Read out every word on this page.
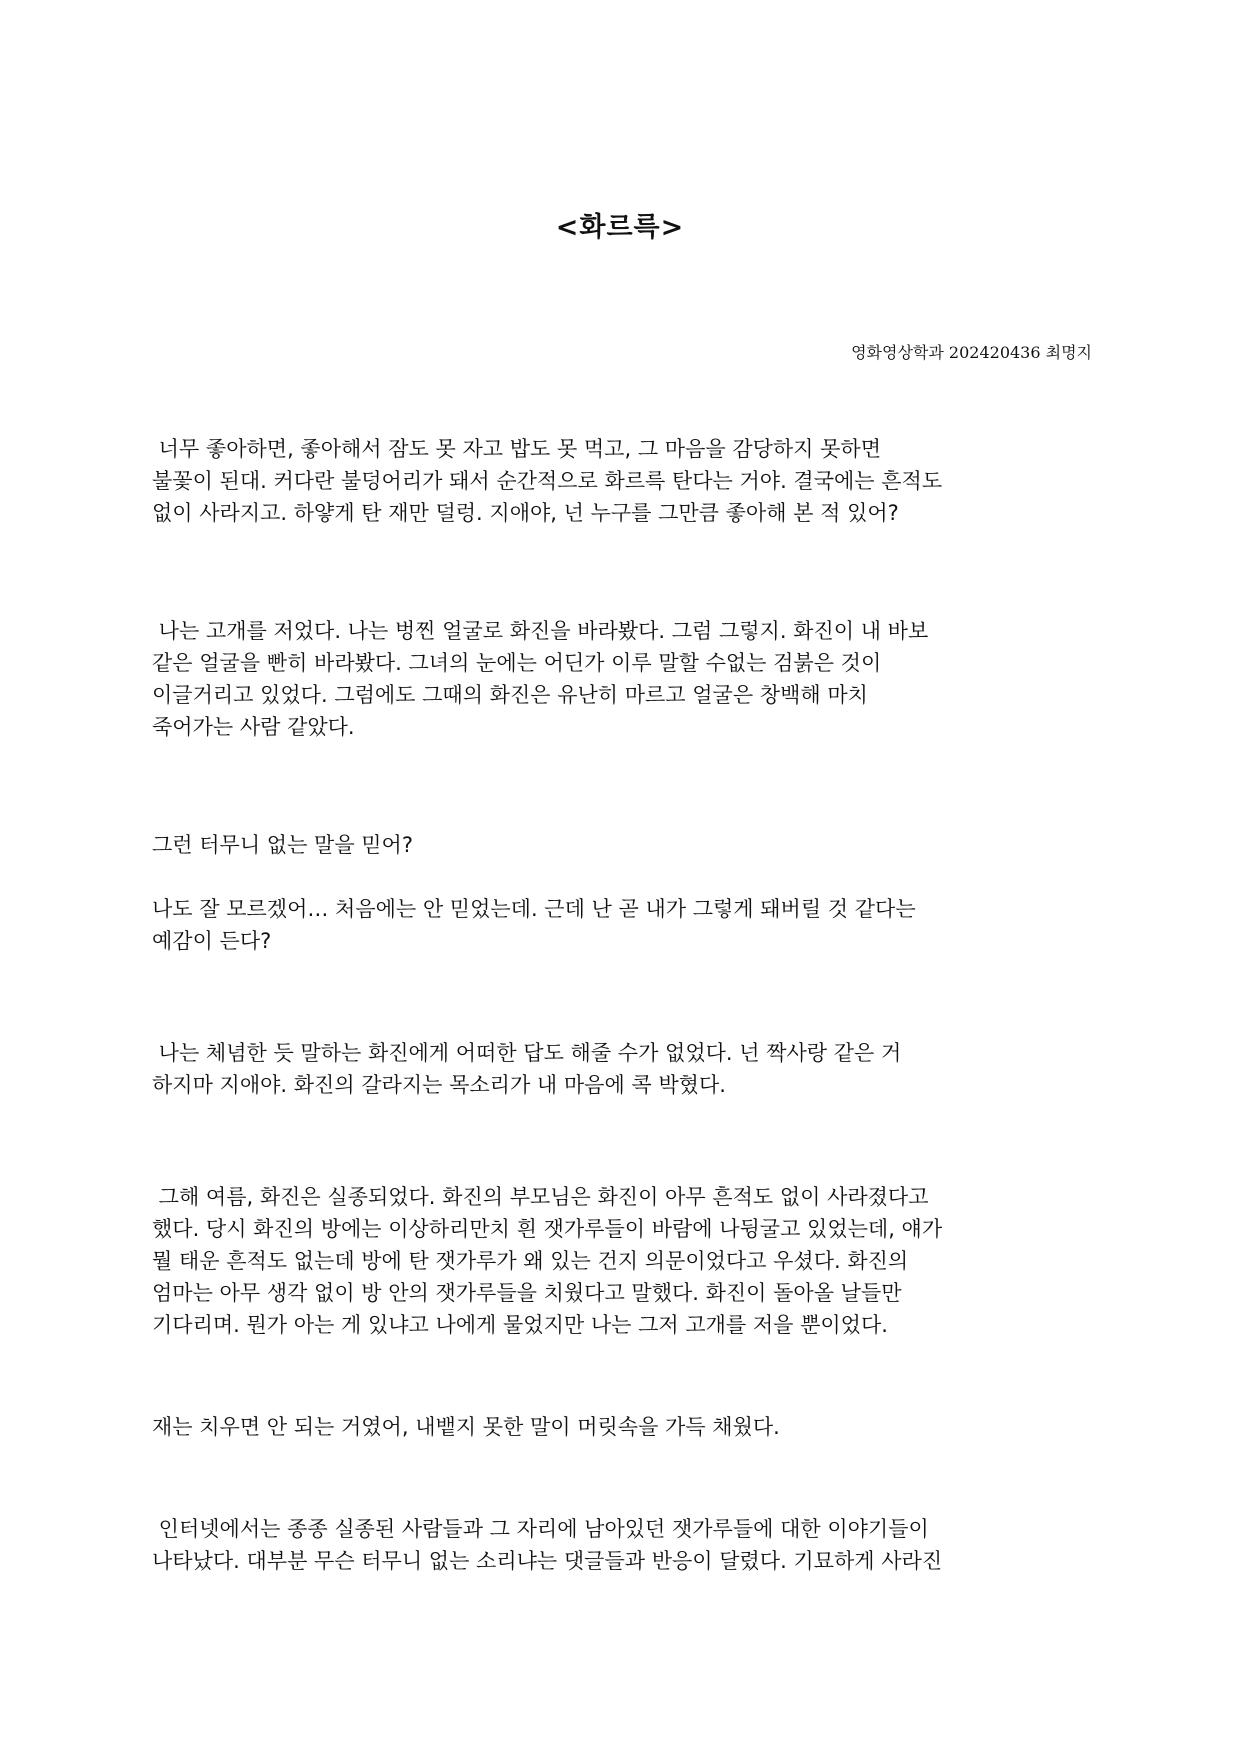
<화르륵>

영화영상학과 202420436 최명지

너무 좋아하면, 좋아해서 잠도 못 자고 밥도 못 먹고, 그 마음을 감당하지 못하면
불꽃이 된대. 커다란 불덩어리가 돼서 순간적으로 화르륵 탄다는 거야. 결국에는 흔적도
없이 사라지고. 하얗게 탄 재만 덜렁. 지애야, 넌 누구를 그만큼 좋아해 본 적 있어?
나는 고개를 저었다. 나는 벙찐 얼굴로 화진을 바라봤다. 그럼 그렇지. 화진이 내 바보
같은 얼굴을 빤히 바라봤다. 그녀의 눈에는 어딘가 이루 말할 수없는 검붉은 것이
이글거리고 있었다. 그럼에도 그때의 화진은 유난히 마르고 얼굴은 창백해 마치
죽어가는 사람 같았다.
그런 터무니 없는 말을 믿어?
나도 잘 모르겠어… 처음에는 안 믿었는데. 근데 난 곧 내가 그렇게 돼버릴 것 같다는
예감이 든다?
나는 체념한 듯 말하는 화진에게 어떠한 답도 해줄 수가 없었다. 넌 짝사랑 같은 거
하지마 지애야. 화진의 갈라지는 목소리가 내 마음에 콕 박혔다.
그해 여름, 화진은 실종되었다. 화진의 부모님은 화진이 아무 흔적도 없이 사라졌다고
했다. 당시 화진의 방에는 이상하리만치 흰 잿가루들이 바람에 나뒹굴고 있었는데, 얘가
뭘 태운 흔적도 없는데 방에 탄 잿가루가 왜 있는 건지 의문이었다고 우셨다. 화진의
엄마는 아무 생각 없이 방 안의 잿가루들을 치웠다고 말했다. 화진이 돌아올 날들만
기다리며. 뭔가 아는 게 있냐고 나에게 물었지만 나는 그저 고개를 저을 뿐이었다.
재는 치우면 안 되는 거였어, 내뱉지 못한 말이 머릿속을 가득 채웠다.
인터넷에서는 종종 실종된 사람들과 그 자리에 남아있던 잿가루들에 대한 이야기들이
나타났다. 대부분 무슨 터무니 없는 소리냐는 댓글들과 반응이 달렸다. 기묘하게 사라진
